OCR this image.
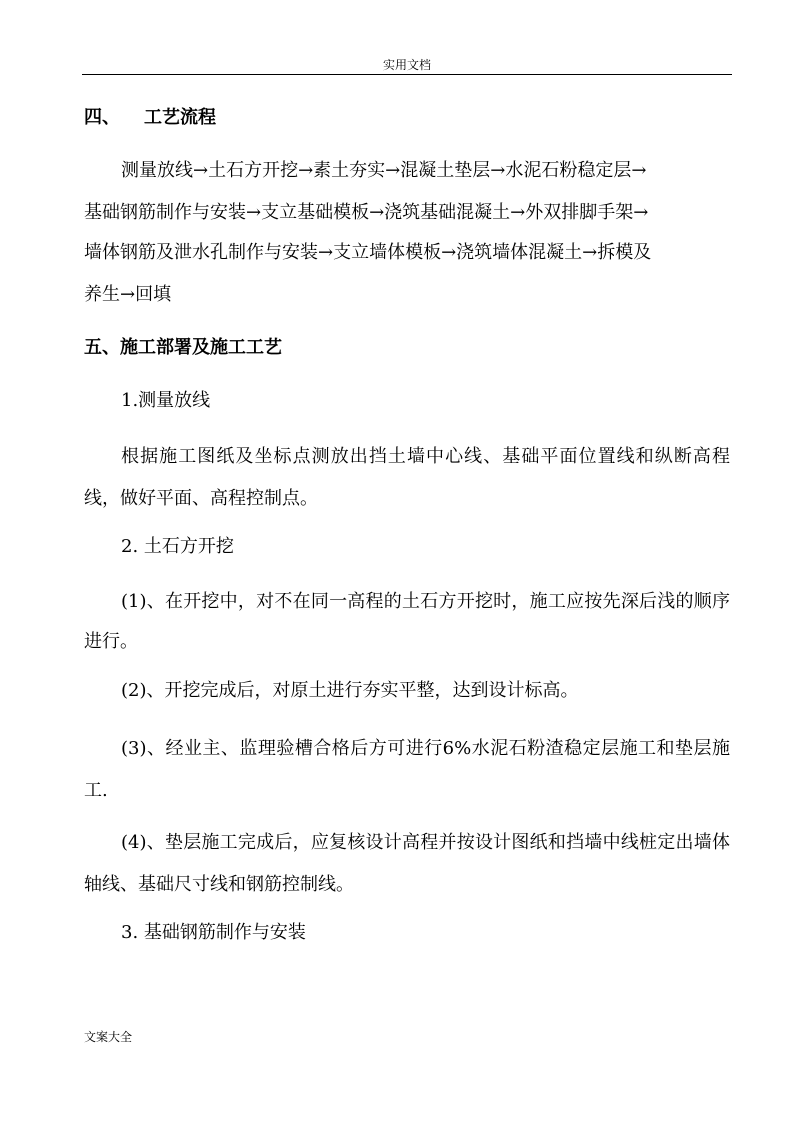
实用文档
四、 工艺流程
测量放线→土石方开挖→素土夯实→混凝土垫层→水泥石粉稳定层→
基础钢筋制作与安装→支立基础模板→浇筑基础混凝土→外双排脚手架→
墙体钢筋及泄水孔制作与安装→支立墙体模板→浇筑墙体混凝土→拆模及
养生→回填
五、施工部署及施工工艺
1.测量放线
根据施工图纸及坐标点测放出挡土墙中心线、基础平面位置线和纵断高程线，做好平面、高程控制点。
2. 土石方开挖
(1)、在开挖中，对不在同一高程的土石方开挖时，施工应按先深后浅的顺序进行。
(2)、开挖完成后，对原土进行夯实平整，达到设计标高。
(3)、经业主、监理验槽合格后方可进行6%水泥石粉渣稳定层施工和垫层施工.
(4)、垫层施工完成后，应复核设计高程并按设计图纸和挡墙中线桩定出墙体轴线、基础尺寸线和钢筋控制线。
3. 基础钢筋制作与安装
文案大全
